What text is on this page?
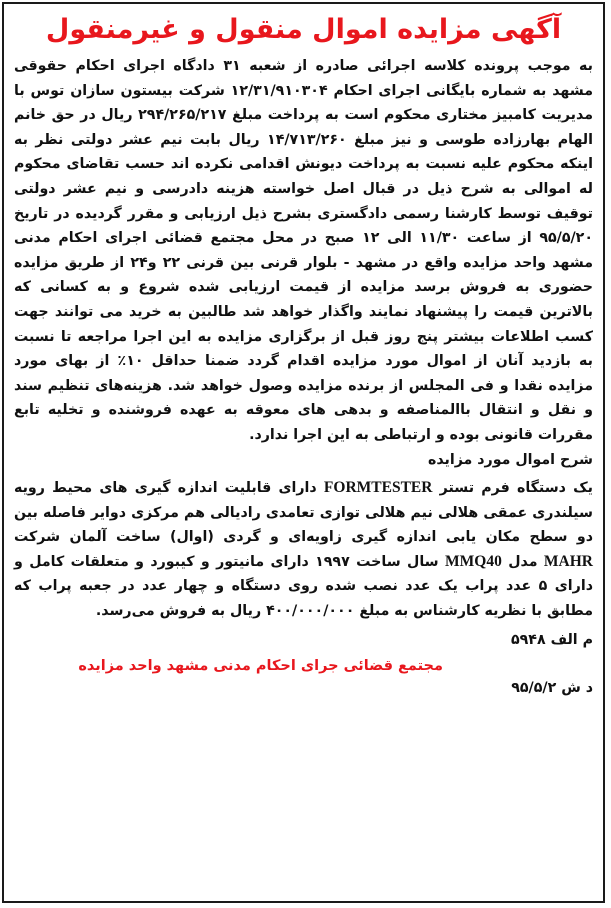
آگهی مزایده اموال منقول و غیرمنقول
به موجب پرونده کلاسه اجرائی صادره از شعبه ۳۱ دادگاه اجرای احکام حقوقی مشهد به شماره بایگانی اجرای احکام ۱۲/۳۱/۹۱۰۳۰۴ شرکت بیستون سازان توس با مدیریت کامبیز مختاری محکوم است به پرداخت مبلغ ۲۹۴/۲۶۵/۲۱۷ ریال در حق خانم الهام بهارزاده طوسی و نیز مبلغ ۱۴/۷۱۳/۲۶۰ ریال بابت نیم عشر دولتی نظر به اینکه محکوم علیه نسبت به پرداخت دیونش اقدامی نکرده اند حسب تقاضای محکوم له اموالی به شرح ذیل در قبال اصل خواسته هزینه دادرسی و نیم عشر دولتی توقیف توسط کارشنا رسمی دادگستری بشرح ذیل ارزیابی و مقرر گردیده در تاریخ ۹۵/۵/۲۰ از ساعت ۱۱/۳۰ الی ۱۲ صبح در محل مجتمع قضائی اجرای احکام مدنی مشهد واحد مزایده واقع در مشهد - بلوار قرنی بین قرنی ۲۲ و۲۴ از طریق مزایده حضوری به فروش برسد مزایده از قیمت ارزیابی شده شروع و به کسانی که بالاترین قیمت را پیشنهاد نمایند واگذار خواهد شد طالبین به خرید می توانند جهت کسب اطلاعات بیشتر پنج روز قبل از برگزاری مزایده به این اجرا مراجعه تا نسبت به بازدید آنان از اموال مورد مزایده اقدام گردد ضمنا حداقل ۱۰٪ از بهای مورد مزایده نقدا و فی المجلس از برنده مزایده وصول خواهد شد. هزینه‌های تنظیم سند و نقل و انتقال باالمناصفه و بدهی های معوقه به عهده فروشنده و تخلیه تابع مقررات قانونی بوده و ارتباطی به این اجرا ندارد.
شرح اموال مورد مزایده
یک دستگاه فرم تستر FORMTESTER دارای قابلیت اندازه گیری های محیط رویه سیلندری عمقی هلالی نیم هلالی توازی تعامدی رادیالی هم مرکزی دوایر فاصله بین دو سطح مکان یابی اندازه گیری زاویه‌ای و گردی (اوال) ساخت آلمان شرکت MAHR مدل MMQ40 سال ساخت ۱۹۹۷ دارای مانیتور و کیبورد و متعلقات کامل و دارای ۵ عدد پراب یک عدد نصب شده روی دستگاه و چهار عدد در جعبه پراب که مطابق با نظریه کارشناس به مبلغ ۴۰۰/۰۰۰/۰۰۰ ریال به فروش می‌رسد.
م الف ۵۹۴۸
مجتمع قضائی جرای احکام مدنی مشهد واحد مزایده
د ش ۹۵/۵/۲
